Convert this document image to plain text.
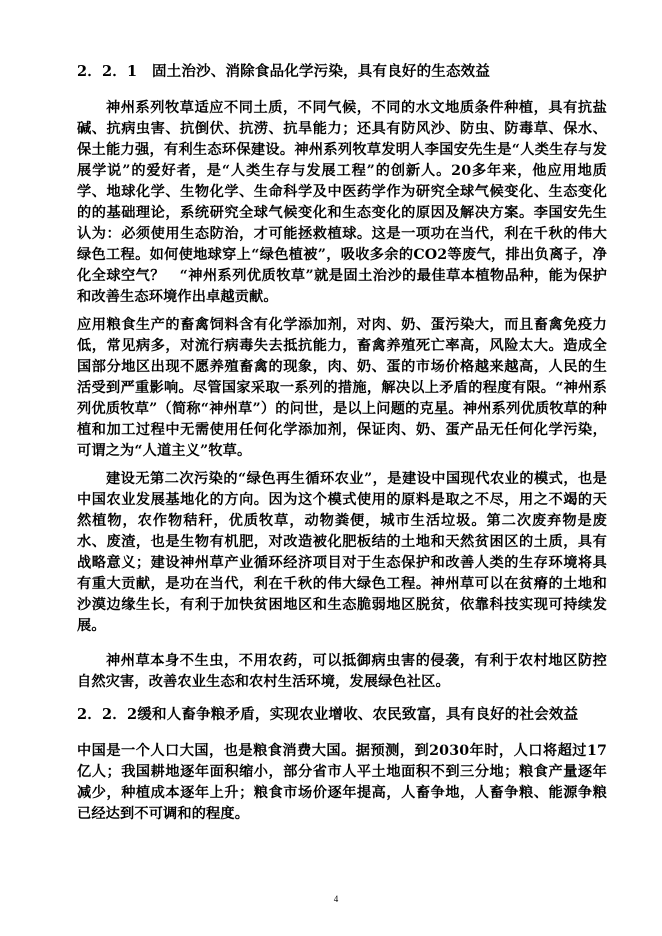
2．2．1　固土治沙、消除食品化学污染，具有良好的生态效益

神州系列牧草适应不同土质，不同气候，不同的水文地质条件种植，具有抗盐碱、抗病虫害、抗倒伏、抗涝、抗旱能力；还具有防风沙、防虫、防毒草、保水、保土能力强，有利生态环保建设。神州系列牧草发明人李国安先生是“人类生存与发展学说”的爱好者，是“人类生存与发展工程”的创新人。20多年来，他应用地质学、地球化学、生物化学、生命科学及中医药学作为研究全球气候变化、生态变化的的基础理论，系统研究全球气候变化和生态变化的原因及解决方案。李国安先生认为：必须使用生态防治，才可能拯救植球。这是一项功在当代，利在千秋的伟大绿色工程。如何使地球穿上“绿色植被”，吸收多余的CO2等废气，排出负离子，净化全球空气？　“神州系列优质牧草”就是固土治沙的最佳草本植物品种，能为保护和改善生态环境作出卓越贡献。

应用粮食生产的畜禽饲料含有化学添加剂，对肉、奶、蛋污染大，而且畜禽免疫力低，常见病多，对流行病毒失去抵抗能力，畜禽养殖死亡率高，风险太大。造成全国部分地区出现不愿养殖畜禽的现象，肉、奶、蛋的市场价格越来越高，人民的生活受到严重影响。尽管国家采取一系列的措施，解决以上矛盾的程度有限。“神州系列优质牧草”（简称“神州草”）的问世，是以上问题的克星。神州系列优质牧草的种植和加工过程中无需使用任何化学添加剂，保证肉、奶、蛋产品无任何化学污染，可谓之为“人道主义”牧草。

建设无第二次污染的“绿色再生循环农业”，是建设中国现代农业的模式，也是中国农业发展基地化的方向。因为这个模式使用的原料是取之不尽，用之不竭的天然植物，农作物秸秆，优质牧草，动物粪便，城市生活垃圾。第二次废弃物是废水、废渣，也是生物有机肥，对改造被化肥板结的土地和天然贫困区的土质，具有战略意义；建设神州草产业循环经济项目对于生态保护和改善人类的生存环境将具有重大贡献，是功在当代，利在千秋的伟大绿色工程。神州草可以在贫瘠的土地和沙漠边缘生长，有利于加快贫困地区和生态脆弱地区脱贫，依靠科技实现可持续发展。

神州草本身不生虫，不用农药，可以抵御病虫害的侵袭，有利于农村地区防控自然灾害，改善农业生态和农村生活环境，发展绿色社区。

2．2．2缓和人畜争粮矛盾，实现农业增收、农民致富，具有良好的社会效益

中国是一个人口大国，也是粮食消费大国。据预测，到2030年时，人口将超过17亿人；我国耕地逐年面积缩小，部分省市人平土地面积不到三分地；粮食产量逐年减少，种植成本逐年上升；粮食市场价逐年提高，人畜争地，人畜争粮、能源争粮已经达到不可调和的程度。

4
